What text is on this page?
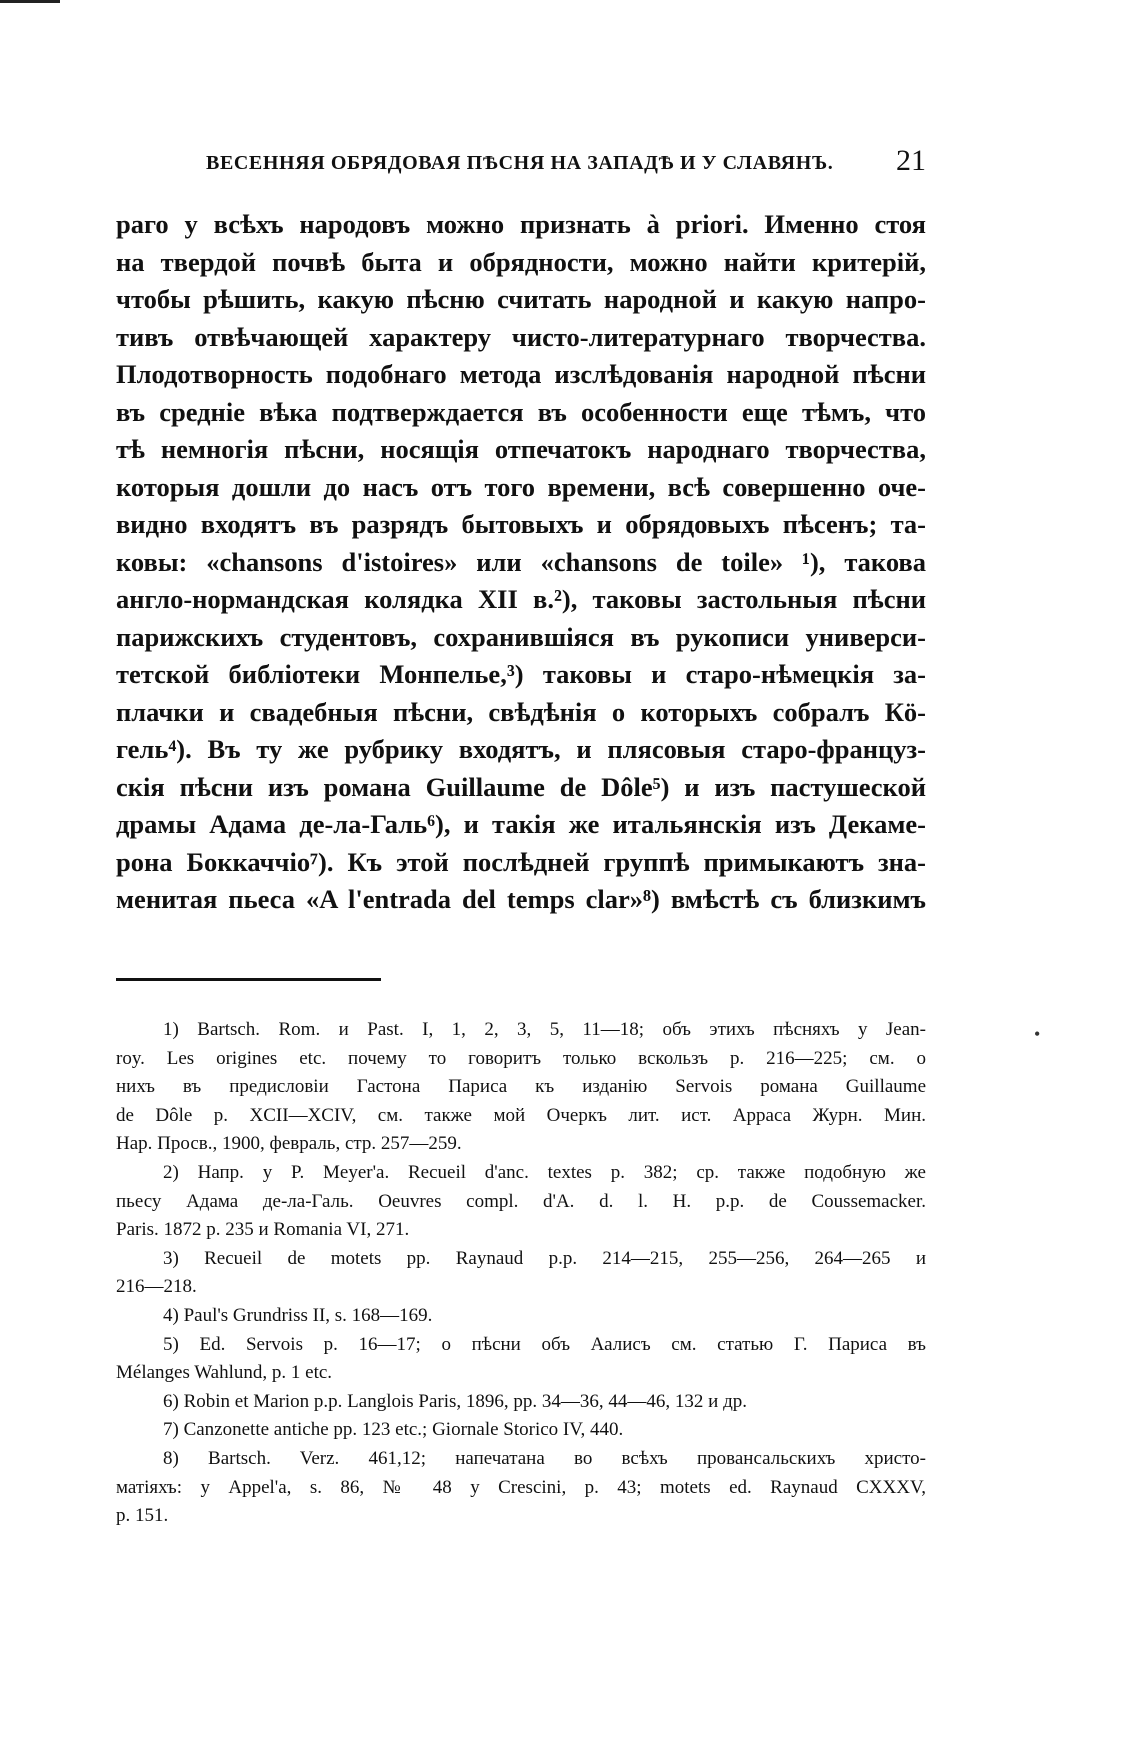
ВЕСЕННЯЯ ОБРЯДОВАЯ ПѢСНЯ НА ЗАПАДѢ И У СЛАВЯНЪ. 21
раго у всѣхъ народовъ можно признать à priori. Именно стоя
на твердой почвѣ быта и обрядности, можно найти критерій,
чтобы рѣшить, какую пѣсню считать народной и какую напро-
тивъ отвѣчающей характеру чисто-литературнаго творчества.
Плодотворность подобнаго метода изслѣдованія народной пѣсни
въ средніе вѣка подтверждается въ особенности еще тѣмъ, что
тѣ немногія пѣсни, носящія отпечатокъ народнаго творчества,
которыя дошли до насъ отъ того времени, всѣ совершенно оче-
видно входятъ въ разрядъ бытовыхъ и обрядовыхъ пѣсенъ; та-
ковы: «chansons d'istoires» или «chansons de toile» ¹), такова
англо-нормандская колядка XII в.²), таковы застольныя пѣсни
парижскихъ студентовъ, сохранившіяся въ рукописи универси-
тетской библіотеки Монпелье,³) таковы и старо-нѣмецкія за-
плачки и свадебныя пѣсни, свѣдѣнія о которыхъ собралъ Кö-
гель⁴). Въ ту же рубрику входятъ, и плясовыя старо-француз-
скія пѣсни изъ романа Guillaume de Dôle⁵) и изъ пастушеской
драмы Адама де-ла-Галь⁶), и такія же итальянскія изъ Декаме-
рона Боккаччіо⁷). Къ этой послѣдней группѣ примыкаютъ зна-
менитая пьеса «A l'entrada del temps clar»⁸) вмѣстѣ съ близкимъ
1) Bartsch. Rom. и Past. I, 1, 2, 3, 5, 11—18; объ этихъ пѣсняхъ у Jean-
roy. Les origines etc. почему то говоритъ только вскользъ p. 216—225; см. о
нихъ въ предисловіи Гастона Париса къ изданію Servois романа Guillaume
de Dôle p. XCII—XCIV, см. также мой Очеркъ лит. ист. Арраса Журн. Мин.
Нар. Просв., 1900, февраль, стр. 257—259.
2) Напр. у P. Meyer'a. Recueil d'anc. textes p. 382; ср. также подобную же
пьесу Адама де-ла-Галь. Oeuvres compl. d'A. d. l. H. p.p. de Coussemacker.
Paris. 1872 p. 235 и Romania VI, 271.
3) Recueil de motets pp. Raynaud p.p. 214—215, 255—256, 264—265 и
216—218.
4) Paul's Grundriss II, s. 168—169.
5) Ed. Servois p. 16—17; о пѣсни объ Аалисъ см. статью Г. Париса въ
Mélanges Wahlund, p. 1 etc.
6) Robin et Marion p.p. Langlois Paris, 1896, pp. 34—36, 44—46, 132 и др.
7) Canzonette antiche pp. 123 etc.; Giornale Storico IV, 440.
8) Bartsch. Verz. 461,12; напечатана во всѣхъ провансальскихъ христо-
матіяхъ: у Appel'a, s. 86, № 48 у Crescini, p. 43; motets ed. Raynaud CXXXV,
p. 151.
•
